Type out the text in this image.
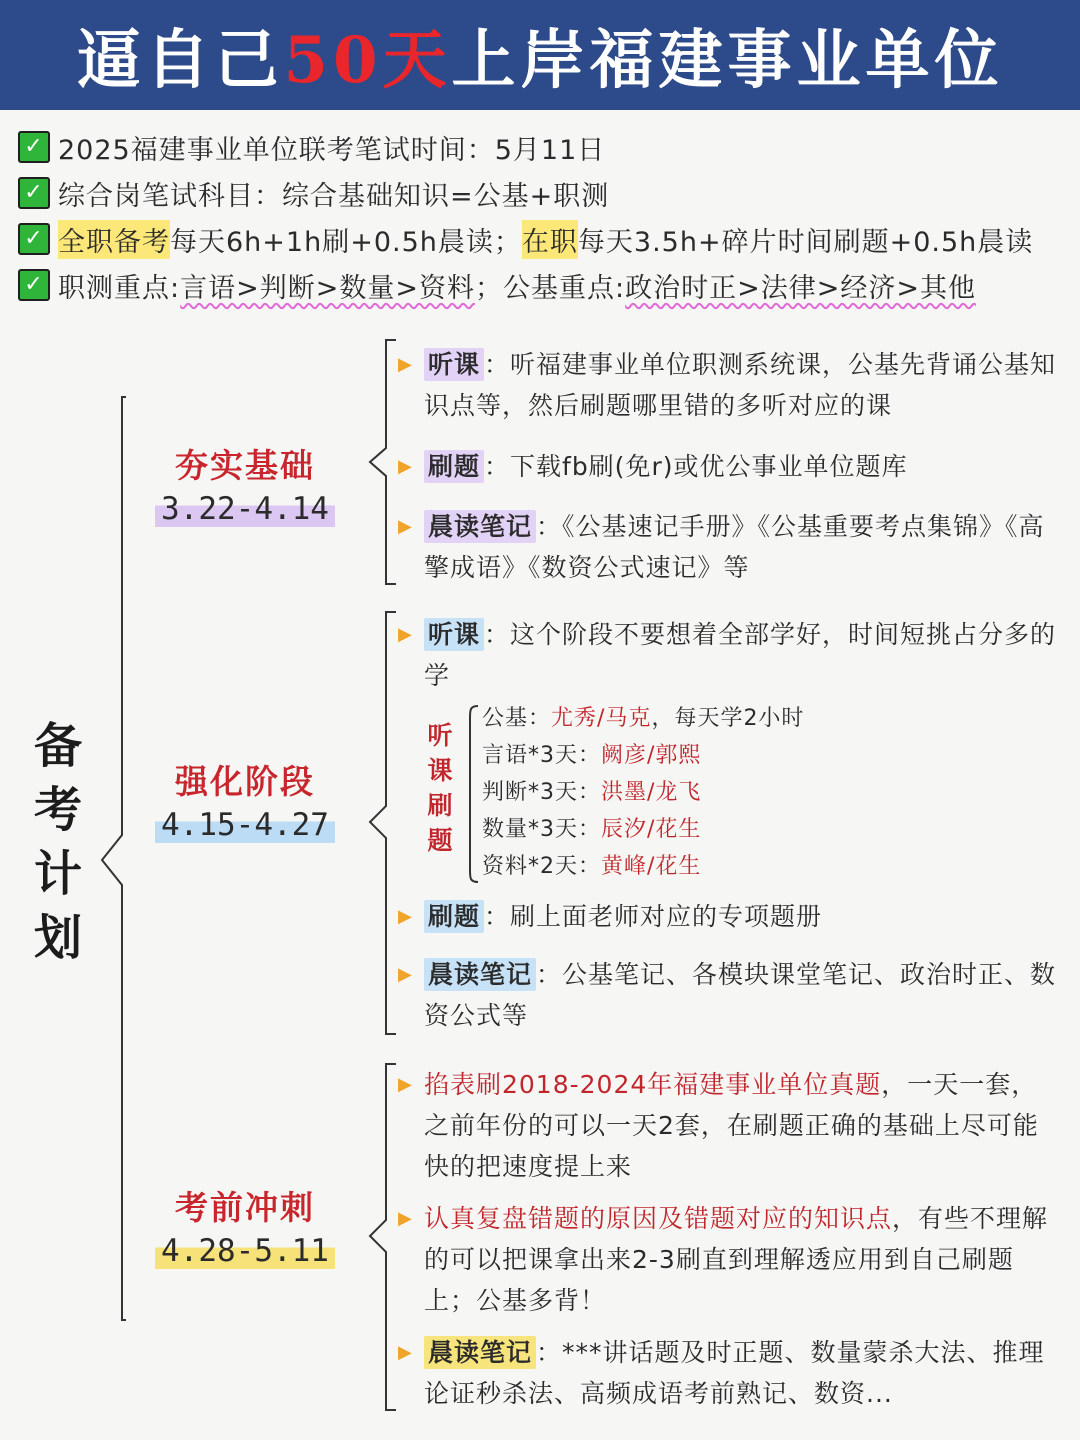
逼自己 50天 上岸福建事业单位
✓ 2025福建事业单位联考笔试时间：5月11日
✓ 综合岗笔试科目：综合基础知识=公基+职测
✓ 全职备考 每天6h+1h刷+0.5h晨读； 在职 每天3.5h+碎片时间刷题+0.5h晨读
✓ 职测重点: 言语>判断>数量>资料 ；公基重点: 政治时正>法律>经济>其他
备
考
计
划
夯实基础
3.22-4.14
强化阶段
4.15-4.27
考前冲刺
4.28-5.11
▶ 听课 ：听福建事业单位职测系统课，公基先背诵公基知识点等，然后刷题哪里错的多听对应的课
▶ 刷题 ：下载fb刷(免r)或优公事业单位题库
▶ 晨读笔记 ：《公基速记手册》《公基重要考点集锦》《高擎成语》《数资公式速记》等
▶ 听课 ：这个阶段不要想着全部学好，时间短挑占分多的学
听
课
刷
题
公基：尤秀/马克，每天学2小时
言语*3天：阙彦/郭熙
判断*3天：洪墨/龙飞
数量*3天：辰汐/花生
资料*2天：黄峰/花生
▶ 刷题 ：刷上面老师对应的专项题册
▶ 晨读笔记 ：公基笔记、各模块课堂笔记、政治时正、数资公式等
▶ 掐表刷2018-2024年福建事业单位真题，一天一套，之前年份的可以一天2套，在刷题正确的基础上尽可能快的把速度提上来
▶ 认真复盘错题的原因及错题对应的知识点，有些不理解的可以把课拿出来2-3刷直到理解透应用到自己刷题上；公基多背！
▶ 晨读笔记 ：***讲话题及时正题、数量蒙杀大法、推理论证秒杀法、高频成语考前熟记、数资...
